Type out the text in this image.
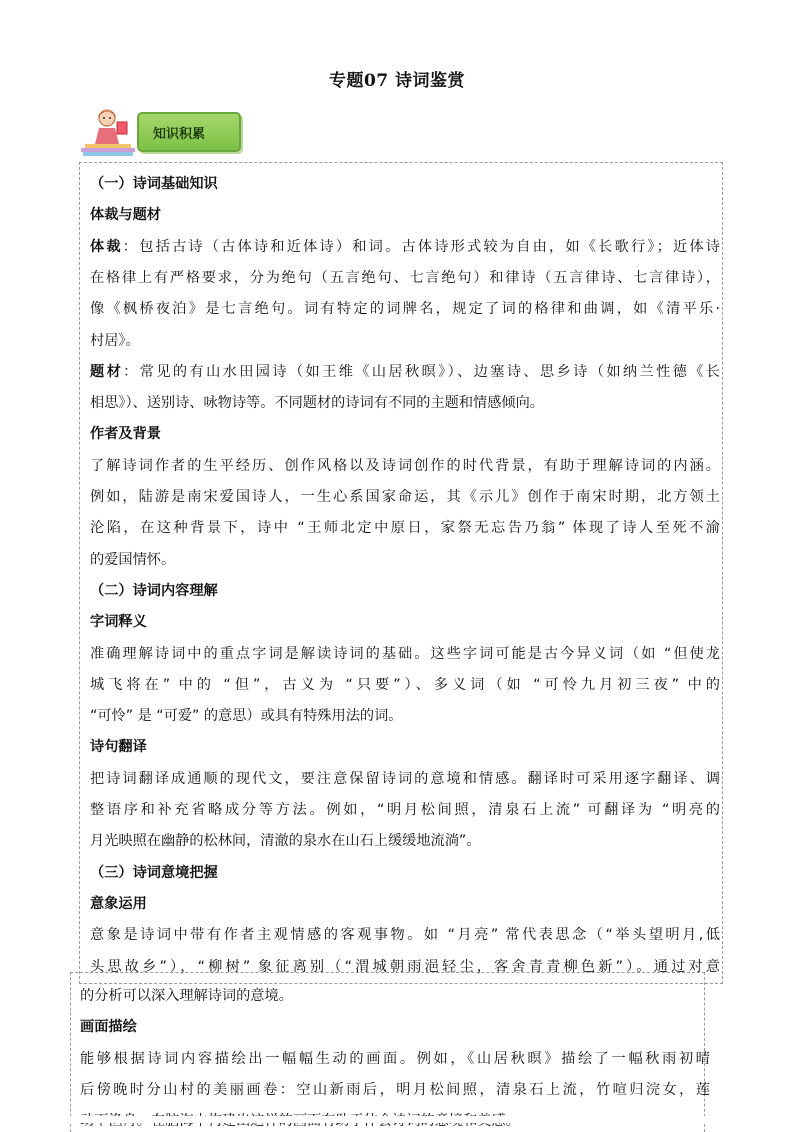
专题07 诗词鉴赏
知识积累
（一）诗词基础知识
体裁与题材
体裁：包括古诗（古体诗和近体诗）和词。古体诗形式较为自由，如《长歌行》；近体诗
在格律上有严格要求，分为绝句（五言绝句、七言绝句）和律诗（五言律诗、七言律诗），
像《枫桥夜泊》是七言绝句。词有特定的词牌名，规定了词的格律和曲调，如《清平乐·
村居》。
题材：常见的有山水田园诗（如王维《山居秋暝》）、边塞诗、思乡诗（如纳兰性德《长
相思》）、送别诗、咏物诗等。不同题材的诗词有不同的主题和情感倾向。
作者及背景
了解诗词作者的生平经历、创作风格以及诗词创作的时代背景，有助于理解诗词的内涵。
例如，陆游是南宋爱国诗人，一生心系国家命运，其《示儿》创作于南宋时期，北方领土
沦陷，在这种背景下，诗中 “王师北定中原日，家祭无忘告乃翁” 体现了诗人至死不渝
的爱国情怀。
（二）诗词内容理解
字词释义
准确理解诗词中的重点字词是解读诗词的基础。这些字词可能是古今异义词（如 “但使龙
城飞将在” 中的 “但”，古义为 “只要”）、多义词（如 “可怜九月初三夜” 中的
“可怜” 是 “可爱” 的意思）或具有特殊用法的词。
诗句翻译
把诗词翻译成通顺的现代文，要注意保留诗词的意境和情感。翻译时可采用逐字翻译、调
整语序和补充省略成分等方法。例如，“明月松间照，清泉石上流” 可翻译为 “明亮的
月光映照在幽静的松林间，清澈的泉水在山石上缓缓地流淌”。
（三）诗词意境把握
意象运用
意象是诗词中带有作者主观情感的客观事物。如 “月亮” 常代表思念（“举头望明月,低
头思故乡”），“柳树” 象征离别（“渭城朝雨浥轻尘，客舍青青柳色新”）。通过对意
的分析可以深入理解诗词的意境。
画面描绘
能够根据诗词内容描绘出一幅幅生动的画面。例如，《山居秋暝》描绘了一幅秋雨初晴
后傍晚时分山村的美丽画卷：空山新雨后，明月松间照，清泉石上流，竹喧归浣女，莲
